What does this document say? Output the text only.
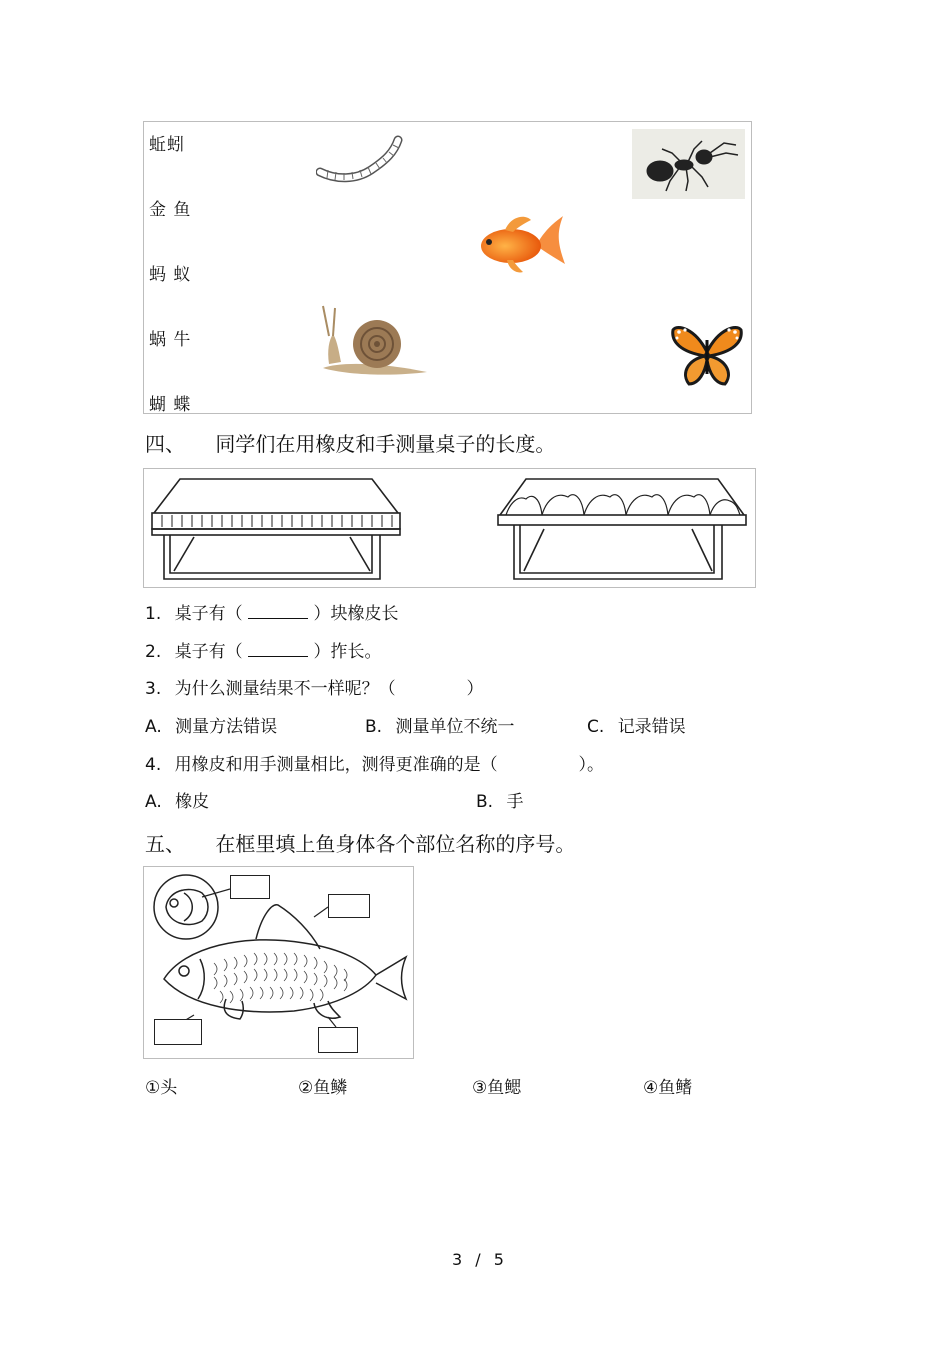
蚯蚓
金 鱼
蚂 蚁
蜗 牛
蝴 蝶
四、 同学们在用橡皮和手测量桌子的长度。
1. 桌子有（	）块橡皮长
2. 桌子有（	）拃长。
3. 为什么测量结果不一样呢？（	）
A. 测量方法错误	B. 测量单位不统一	C. 记录错误
4. 用橡皮和用手测量相比，测得更准确的是（	）。
A. 橡皮	B. 手
五、 在框里填上鱼身体各个部位名称的序号。
①头	②鱼鳞	③鱼鳃	④鱼鳍
3 / 5
